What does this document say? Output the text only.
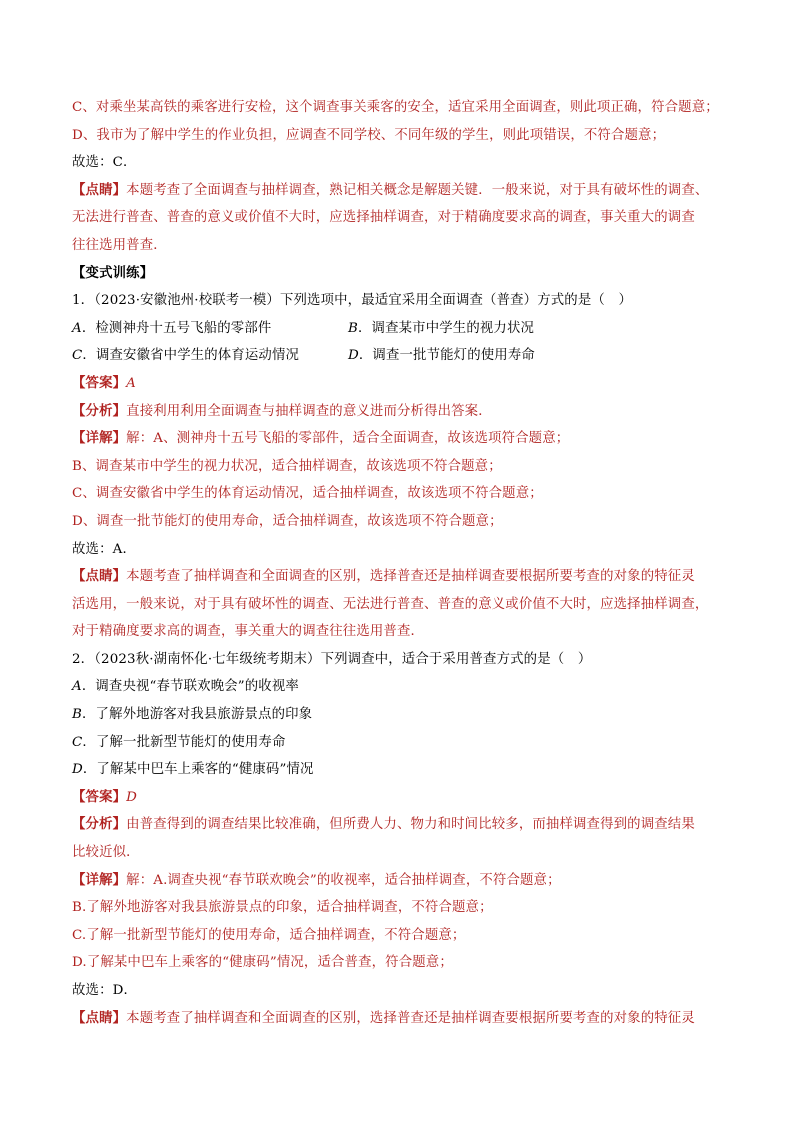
C、对乘坐某高铁的乘客进行安检，这个调查事关乘客的安全，适宜采用全面调查，则此项正确，符合题意；
D、我市为了解中学生的作业负担，应调查不同学校、不同年级的学生，则此项错误，不符合题意；
故选：C．
【点睛】本题考查了全面调查与抽样调查，熟记相关概念是解题关键．一般来说，对于具有破坏性的调查、
无法进行普查、普查的意义或价值不大时，应选择抽样调查，对于精确度要求高的调查，事关重大的调查
往往选用普查．
【变式训练】
1．（2023·安徽池州·校联考一模）下列选项中，最适宜采用全面调查（普查）方式的是（　）
A．检测神舟十五号飞船的零部件	B．调查某市中学生的视力状况
C．调查安徽省中学生的体育运动情况	D．调查一批节能灯的使用寿命
【答案】A
【分析】直接利用利用全面调查与抽样调查的意义进而分析得出答案．
【详解】解：A、测神舟十五号飞船的零部件，适合全面调查，故该选项符合题意；
B、调查某市中学生的视力状况，适合抽样调查，故该选项不符合题意；
C、调查安徽省中学生的体育运动情况，适合抽样调查，故该选项不符合题意；
D、调查一批节能灯的使用寿命，适合抽样调查，故该选项不符合题意；
故选：A．
【点睛】本题考查了抽样调查和全面调查的区别，选择普查还是抽样调查要根据所要考查的对象的特征灵
活选用，一般来说，对于具有破坏性的调查、无法进行普查、普查的意义或价值不大时，应选择抽样调查，
对于精确度要求高的调查，事关重大的调查往往选用普查．
2．（2023秋·湖南怀化·七年级统考期末）下列调查中，适合于采用普查方式的是（　）
A．调查央视“春节联欢晚会”的收视率
B．了解外地游客对我县旅游景点的印象
C．了解一批新型节能灯的使用寿命
D．了解某中巴车上乘客的“健康码”情况
【答案】D
【分析】由普查得到的调查结果比较准确，但所费人力、物力和时间比较多，而抽样调查得到的调查结果
比较近似．
【详解】解：A.调查央视“春节联欢晚会”的收视率，适合抽样调查，不符合题意；
B.了解外地游客对我县旅游景点的印象，适合抽样调查，不符合题意；
C.了解一批新型节能灯的使用寿命，适合抽样调查，不符合题意；
D.了解某中巴车上乘客的“健康码”情况，适合普查，符合题意；
故选：D．
【点睛】本题考查了抽样调查和全面调查的区别，选择普查还是抽样调查要根据所要考查的对象的特征灵
